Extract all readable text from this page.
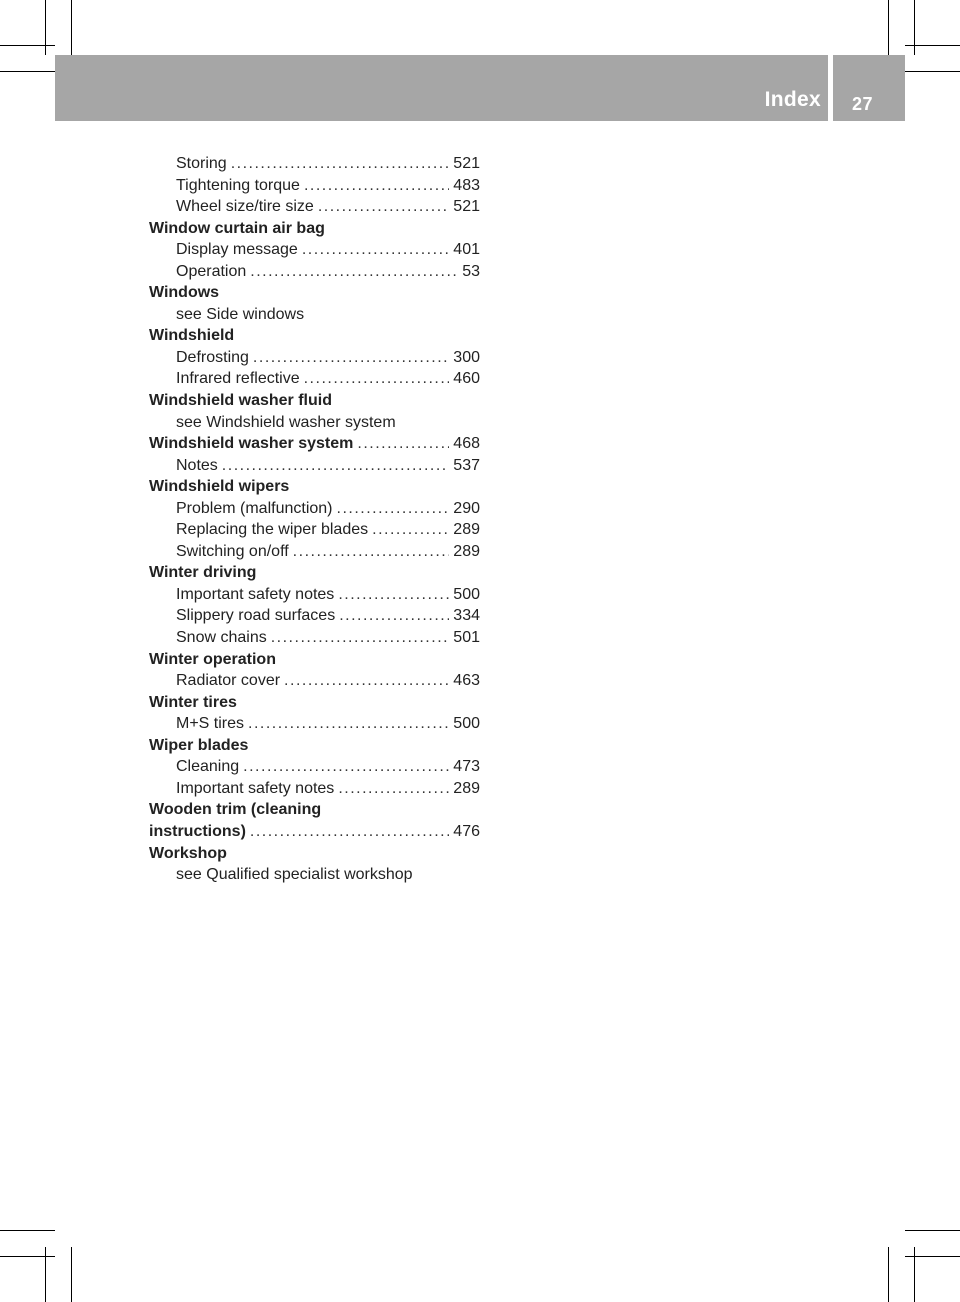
Index 27
Storing .....	521
Tightening torque .....	483
Wheel size/tire size .....	521
Window curtain air bag
Display message .....	401
Operation .....	53
Windows
see Side windows
Windshield
Defrosting .....	300
Infrared reflective .....	460
Windshield washer fluid
see Windshield washer system
Windshield washer system .....	468
Notes .....	537
Windshield wipers
Problem (malfunction) .....	290
Replacing the wiper blades .....	289
Switching on/off .....	289
Winter driving
Important safety notes .....	500
Slippery road surfaces .....	334
Snow chains .....	501
Winter operation
Radiator cover .....	463
Winter tires
M+S tires .....	500
Wiper blades
Cleaning .....	473
Important safety notes .....	289
Wooden trim (cleaning
instructions) .....	476
Workshop
see Qualified specialist workshop
